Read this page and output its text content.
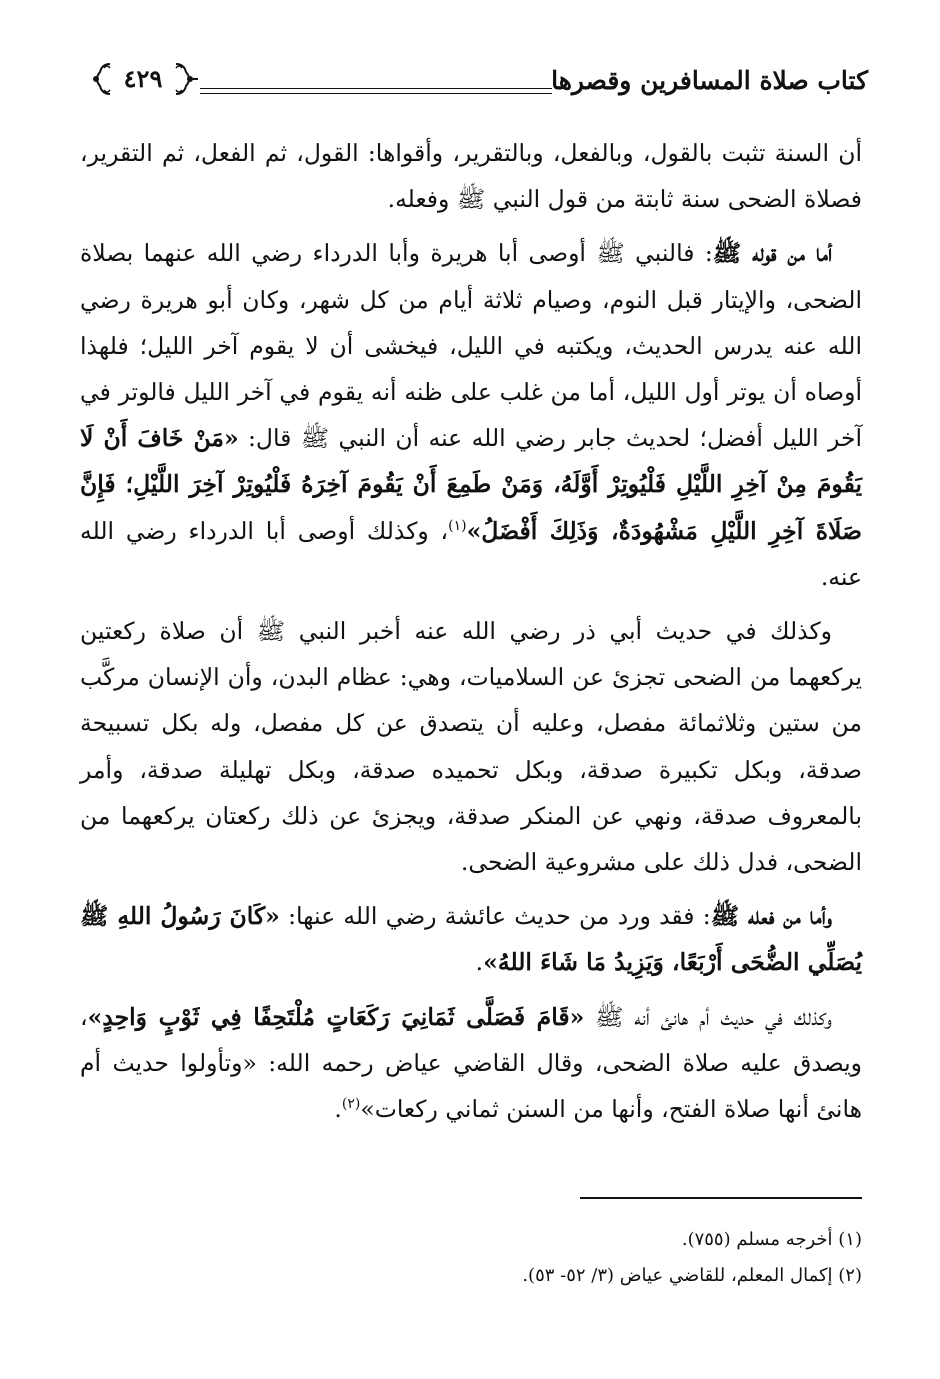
كتاب صلاة المسافرين وقصرها
٤٢٩

أن السنة تثبت بالقول، وبالفعل، وبالتقرير، وأقواها: القول، ثم الفعل، ثم التقرير، فصلاة الضحى سنة ثابتة من قول النبي ﷺ وفعله.

أما من قوله ﷺ: فالنبي ﷺ أوصى أبا هريرة وأبا الدرداء رضي الله عنهما بصلاة الضحى، والإيتار قبل النوم، وصيام ثلاثة أيام من كل شهر، وكان أبو هريرة رضي الله عنه يدرس الحديث، ويكتبه في الليل، فيخشى أن لا يقوم آخر الليل؛ فلهذا أوصاه أن يوتر أول الليل، أما من غلب على ظنه أنه يقوم في آخر الليل فالوتر في آخر الليل أفضل؛ لحديث جابر رضي الله عنه أن النبي ﷺ قال: «مَنْ خَافَ أَنْ لَا يَقُومَ مِنْ آخِرِ اللَّيْلِ فَلْيُوتِرْ أَوَّلَهُ، وَمَنْ طَمِعَ أَنْ يَقُومَ آخِرَهُ فَلْيُوتِرْ آخِرَ اللَّيْلِ؛ فَإِنَّ صَلَاةَ آخِرِ اللَّيْلِ مَشْهُودَةٌ، وَذَلِكَ أَفْضَلُ»$^{(١)}$، وكذلك أوصى أبا الدرداء رضي الله عنه.

وكذلك في حديث أبي ذر رضي الله عنه أخبر النبي ﷺ أن صلاة ركعتين يركعهما من الضحى تجزئ عن السلاميات، وهي: عظام البدن، وأن الإنسان مركَّب من ستين وثلاثمائة مفصل، وعليه أن يتصدق عن كل مفصل، وله بكل تسبيحة صدقة، وبكل تكبيرة صدقة، وبكل تحميده صدقة، وبكل تهليلة صدقة، وأمر بالمعروف صدقة، ونهي عن المنكر صدقة، ويجزئ عن ذلك ركعتان يركعهما من الضحى، فدل ذلك على مشروعية الضحى.

وأما من فعله ﷺ: فقد ورد من حديث عائشة رضي الله عنها: «كَانَ رَسُولُ اللهِ ﷺ يُصَلِّي الضُّحَى أَرْبَعًا، وَيَزِيدُ مَا شَاءَ اللهُ».

وكذلك في حديث أم هانئ أنه ﷺ «قَامَ فَصَلَّى ثَمَانِيَ رَكَعَاتٍ مُلْتَحِفًا فِي ثَوْبٍ وَاحِدٍ»، ويصدق عليه صلاة الضحى، وقال القاضي عياض رحمه الله: «وتأولوا حديث أم هانئ أنها صلاة الفتح، وأنها من السنن ثماني ركعات»$^{(٢)}$.

(١) أخرجه مسلم (٧٥٥).

(٢) إكمال المعلم، للقاضي عياض (٣/ ٥٢- ٥٣).
